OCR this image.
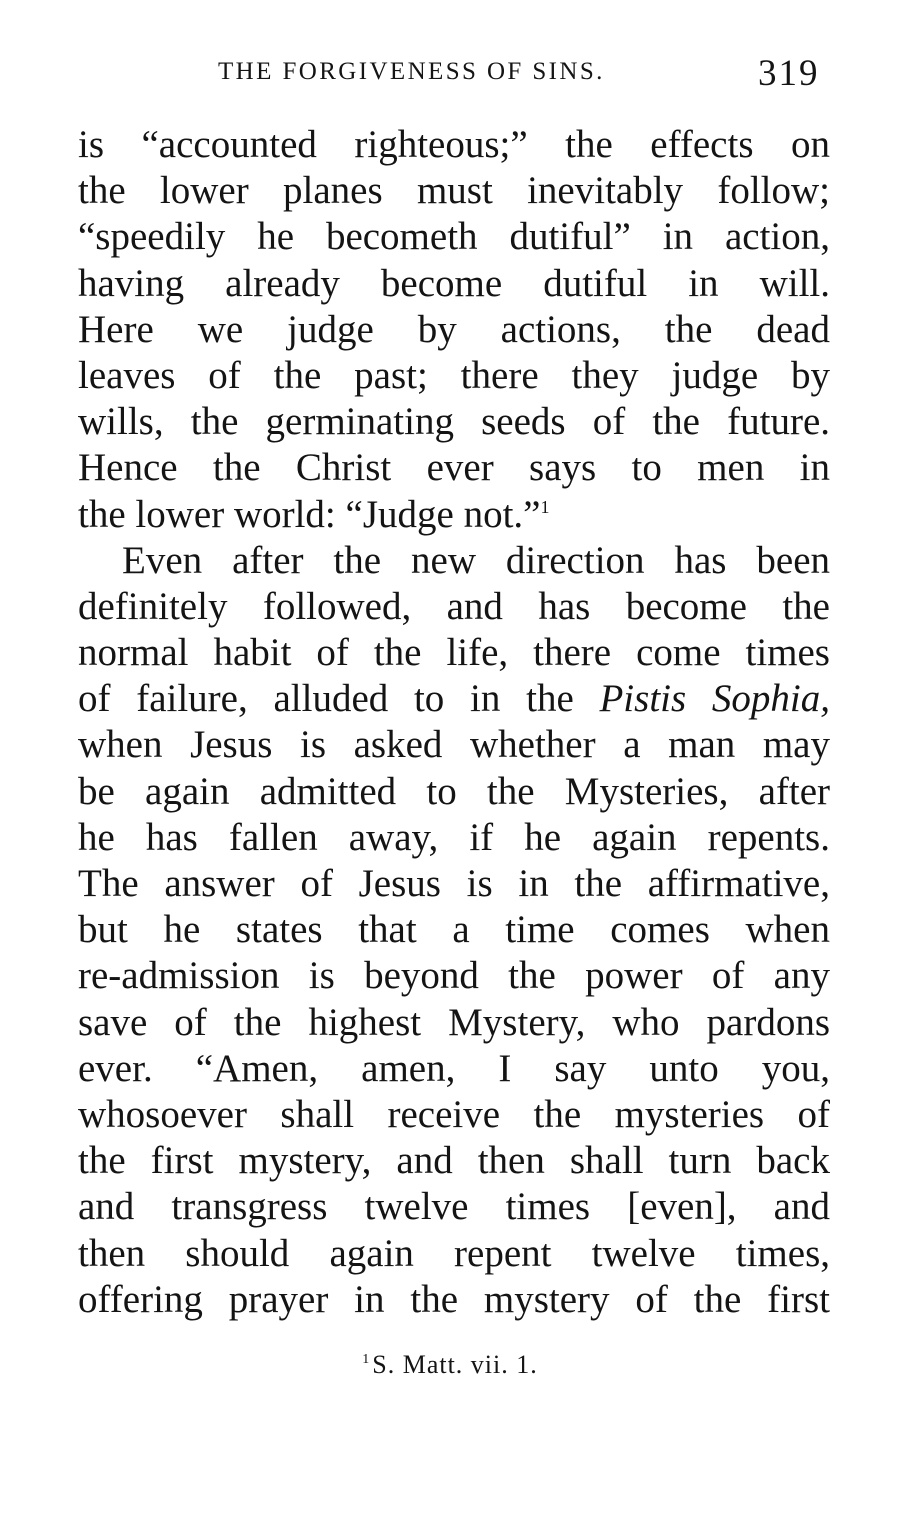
THE FORGIVENESS OF SINS.	319
is “accounted righteous;” the effects on
the lower planes must inevitably follow;
“speedily he becometh dutiful” in action,
having already become dutiful in will.
Here we judge by actions, the dead
leaves of the past; there they judge by
wills, the germinating seeds of the future.
Hence the Christ ever says to men in
the lower world: “Judge not.”$^1$
Even after the new direction has been
definitely followed, and has become the
normal habit of the life, there come times
of failure, alluded to in the Pistis Sophia,
when Jesus is asked whether a man may
be again admitted to the Mysteries, after
he has fallen away, if he again repents.
The answer of Jesus is in the affirmative,
but he states that a time comes when
re-admission is beyond the power of any
save of the highest Mystery, who pardons
ever. “Amen, amen, I say unto you,
whosoever shall receive the mysteries of
the first mystery, and then shall turn back
and transgress twelve times [even], and
then should again repent twelve times,
offering prayer in the mystery of the first
$^1$S. Matt. vii. 1.
